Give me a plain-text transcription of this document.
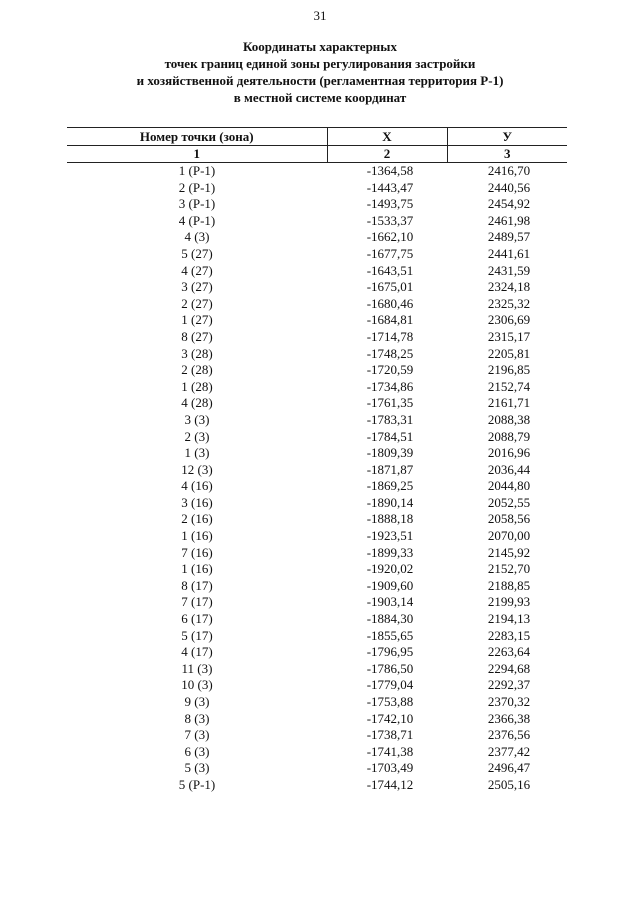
31
Координаты характерных
точек границ единой зоны регулирования застройки
и хозяйственной деятельности (регламентная территория Р-1)
в местной системе координат
Номер точки (зона)	X	У
1	2	3
1 (Р-1)	-1364,58	2416,70
2 (Р-1)	-1443,47	2440,56
3 (Р-1)	-1493,75	2454,92
4 (Р-1)	-1533,37	2461,98
4 (3)	-1662,10	2489,57
5 (27)	-1677,75	2441,61
4 (27)	-1643,51	2431,59
3 (27)	-1675,01	2324,18
2 (27)	-1680,46	2325,32
1 (27)	-1684,81	2306,69
8 (27)	-1714,78	2315,17
3 (28)	-1748,25	2205,81
2 (28)	-1720,59	2196,85
1 (28)	-1734,86	2152,74
4 (28)	-1761,35	2161,71
3 (3)	-1783,31	2088,38
2 (3)	-1784,51	2088,79
1 (3)	-1809,39	2016,96
12 (3)	-1871,87	2036,44
4 (16)	-1869,25	2044,80
3 (16)	-1890,14	2052,55
2 (16)	-1888,18	2058,56
1 (16)	-1923,51	2070,00
7 (16)	-1899,33	2145,92
1 (16)	-1920,02	2152,70
8 (17)	-1909,60	2188,85
7 (17)	-1903,14	2199,93
6 (17)	-1884,30	2194,13
5 (17)	-1855,65	2283,15
4 (17)	-1796,95	2263,64
11 (3)	-1786,50	2294,68
10 (3)	-1779,04	2292,37
9 (3)	-1753,88	2370,32
8 (3)	-1742,10	2366,38
7 (3)	-1738,71	2376,56
6 (3)	-1741,38	2377,42
5 (3)	-1703,49	2496,47
5 (Р-1)	-1744,12	2505,16
